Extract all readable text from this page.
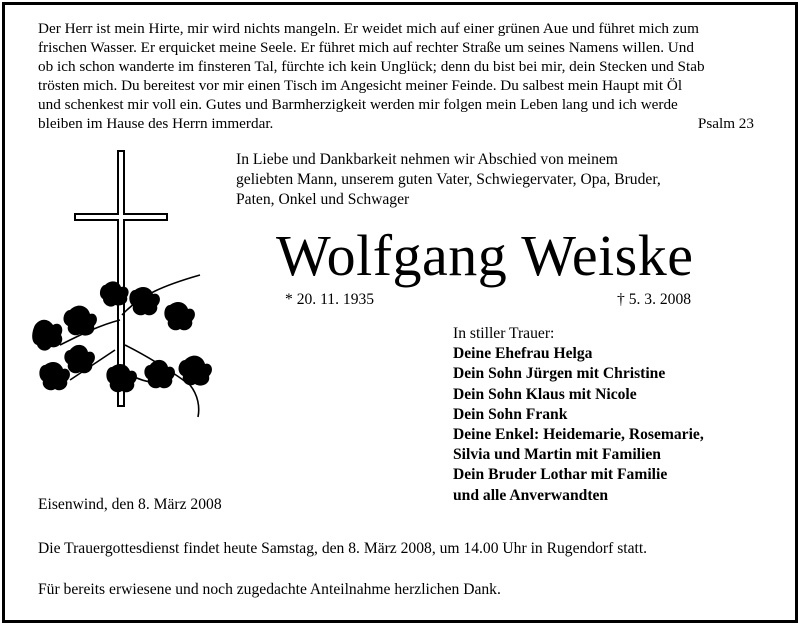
Der Herr ist mein Hirte, mir wird nichts mangeln. Er weidet mich auf einer grünen Aue und führet mich zum

frischen Wasser. Er erquicket meine Seele. Er führet mich auf rechter Straße um seines Namens willen. Und

ob ich schon wanderte im finsteren Tal, fürchte ich kein Unglück; denn du bist bei mir, dein Stecken und Stab

trösten mich. Du bereitest vor mir einen Tisch im Angesicht meiner Feinde. Du salbest mein Haupt mit Öl

und schenkest mir voll ein. Gutes und Barmherzigkeit werden mir folgen mein Leben lang und ich werde

bleiben im Hause des Herrn immerdar.	Psalm 23

In Liebe und Dankbarkeit nehmen wir Abschied von meinem

geliebten Mann, unserem guten Vater, Schwiegervater, Opa, Bruder,

Paten, Onkel und Schwager

Wolfgang Weiske
* 20. 11. 1935	† 5. 3. 2008
In stiller Trauer:
Deine Ehefrau Helga
Dein Sohn Jürgen mit Christine
Dein Sohn Klaus mit Nicole
Dein Sohn Frank
Deine Enkel: Heidemarie, Rosemarie,
Silvia und Martin mit Familien
Dein Bruder Lothar mit Familie
und alle Anverwandten
Eisenwind, den 8. März 2008
Die Trauergottesdienst findet heute Samstag, den 8. März 2008, um 14.00 Uhr in Rugendorf statt.
Für bereits erwiesene und noch zugedachte Anteilnahme herzlichen Dank.
